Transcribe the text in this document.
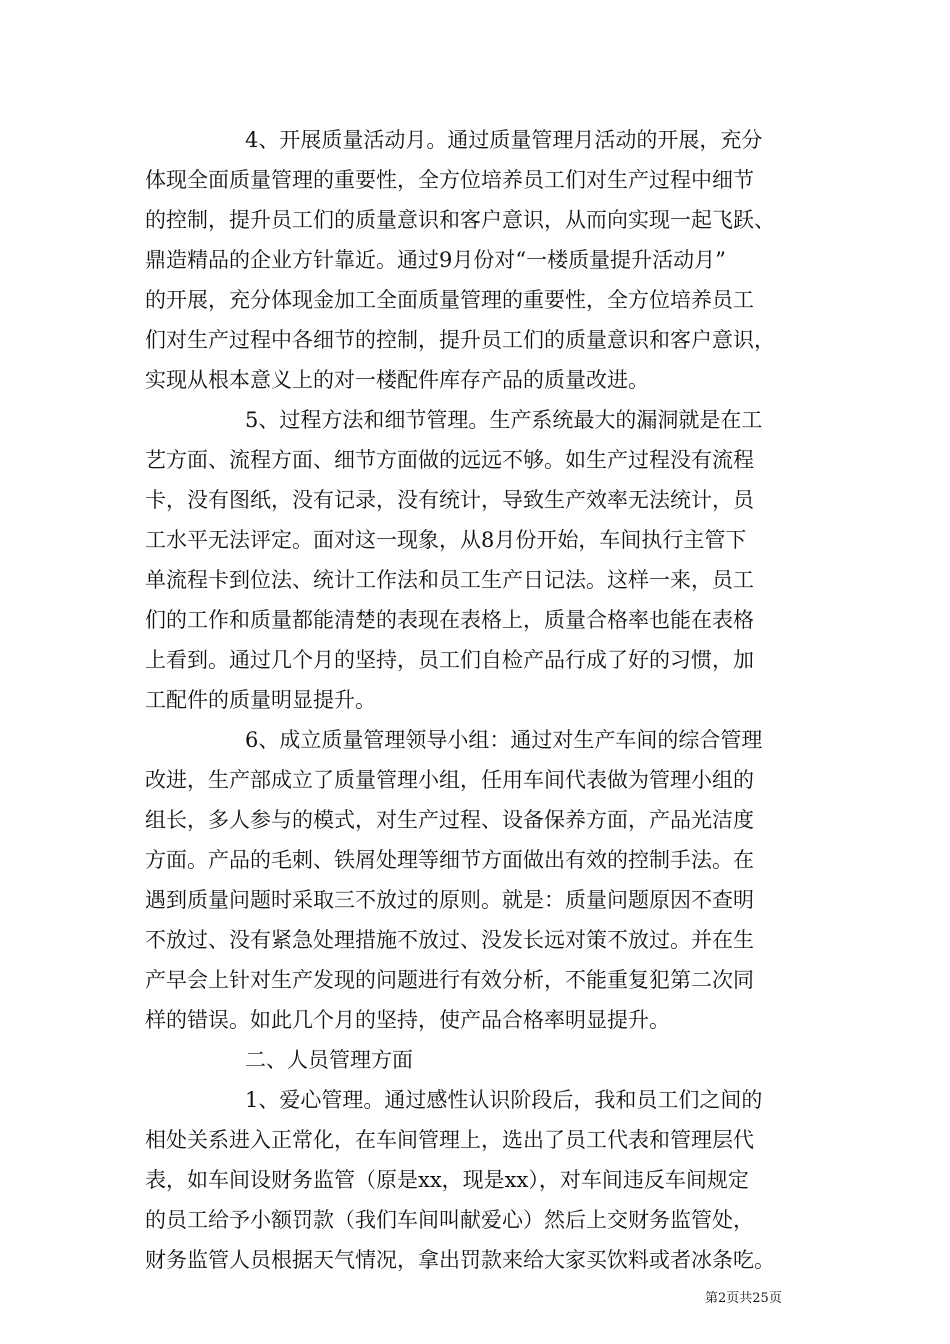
4、开展质量活动月。通过质量管理月活动的开展，充分
体现全面质量管理的重要性，全方位培养员工们对生产过程中细节
的控制，提升员工们的质量意识和客户意识，从而向实现一起飞跃、
鼎造精品的企业方针靠近。通过9月份对“一楼质量提升活动月”
的开展，充分体现金加工全面质量管理的重要性，全方位培养员工
们对生产过程中各细节的控制，提升员工们的质量意识和客户意识，
实现从根本意义上的对一楼配件库存产品的质量改进。
5、过程方法和细节管理。生产系统最大的漏洞就是在工
艺方面、流程方面、细节方面做的远远不够。如生产过程没有流程
卡，没有图纸，没有记录，没有统计，导致生产效率无法统计，员
工水平无法评定。面对这一现象，从8月份开始，车间执行主管下
单流程卡到位法、统计工作法和员工生产日记法。这样一来，员工
们的工作和质量都能清楚的表现在表格上，质量合格率也能在表格
上看到。通过几个月的坚持，员工们自检产品行成了好的习惯，加
工配件的质量明显提升。
6、成立质量管理领导小组：通过对生产车间的综合管理
改进，生产部成立了质量管理小组，任用车间代表做为管理小组的
组长，多人参与的模式，对生产过程、设备保养方面，产品光洁度
方面。产品的毛刺、铁屑处理等细节方面做出有效的控制手法。在
遇到质量问题时采取三不放过的原则。就是：质量问题原因不查明
不放过、没有紧急处理措施不放过、没发长远对策不放过。并在生
产早会上针对生产发现的问题进行有效分析，不能重复犯第二次同
样的错误。如此几个月的坚持，使产品合格率明显提升。
二、人员管理方面
1、爱心管理。通过感性认识阶段后，我和员工们之间的
相处关系进入正常化，在车间管理上，选出了员工代表和管理层代
表，如车间设财务监管（原是xx，现是xx），对车间违反车间规定
的员工给予小额罚款（我们车间叫献爱心）然后上交财务监管处，
财务监管人员根据天气情况，拿出罚款来给大家买饮料或者冰条吃。
第2页共25页
